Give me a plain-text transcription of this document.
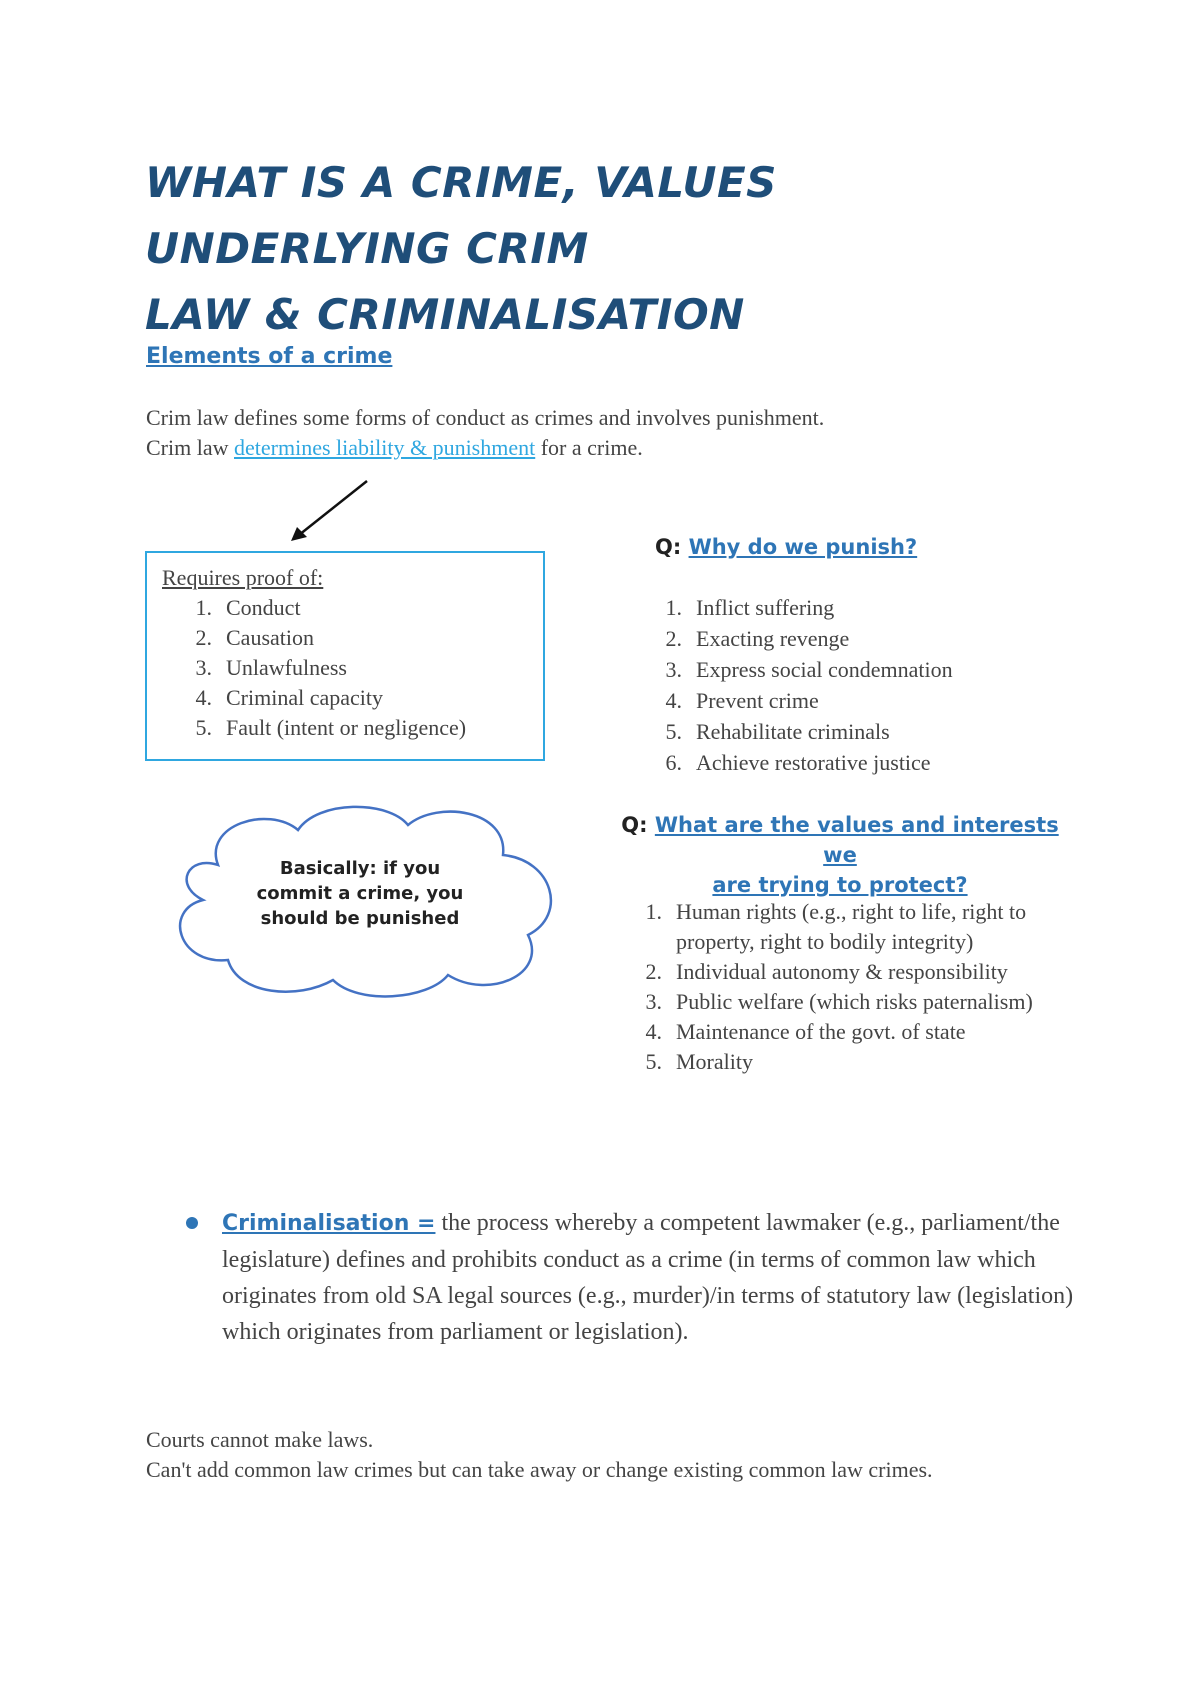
WHAT IS A CRIME, VALUES UNDERLYING CRIM
LAW & CRIMINALISATION
Elements of a crime

Crim law defines some forms of conduct as crimes and involves punishment.

Crim law determines liability & punishment for a crime.

Requires proof of:
1. Conduct
2. Causation
3. Unlawfulness
4. Criminal capacity
5. Fault (intent or negligence)
Q: Why do we punish?
1. Inflict suffering
2. Exacting revenge
3. Express social condemnation
4. Prevent crime
5. Rehabilitate criminals
6. Achieve restorative justice
Basically: if you commit a crime, you should be punished
Q: What are the values and interests we
are trying to protect?
1. Human rights (e.g., right to life, right to property, right to bodily integrity)
2. Individual autonomy & responsibility
3. Public welfare (which risks paternalism)
4. Maintenance of the govt. of state
5. Morality

Criminalisation = the process whereby a competent lawmaker (e.g., parliament/the legislature) defines and prohibits conduct as a crime (in terms of common law which originates from old SA legal sources (e.g., murder)/in terms of statutory law (legislation) which originates from parliament or legislation).

Courts cannot make laws.
Can't add common law crimes but can take away or change existing common law crimes.
